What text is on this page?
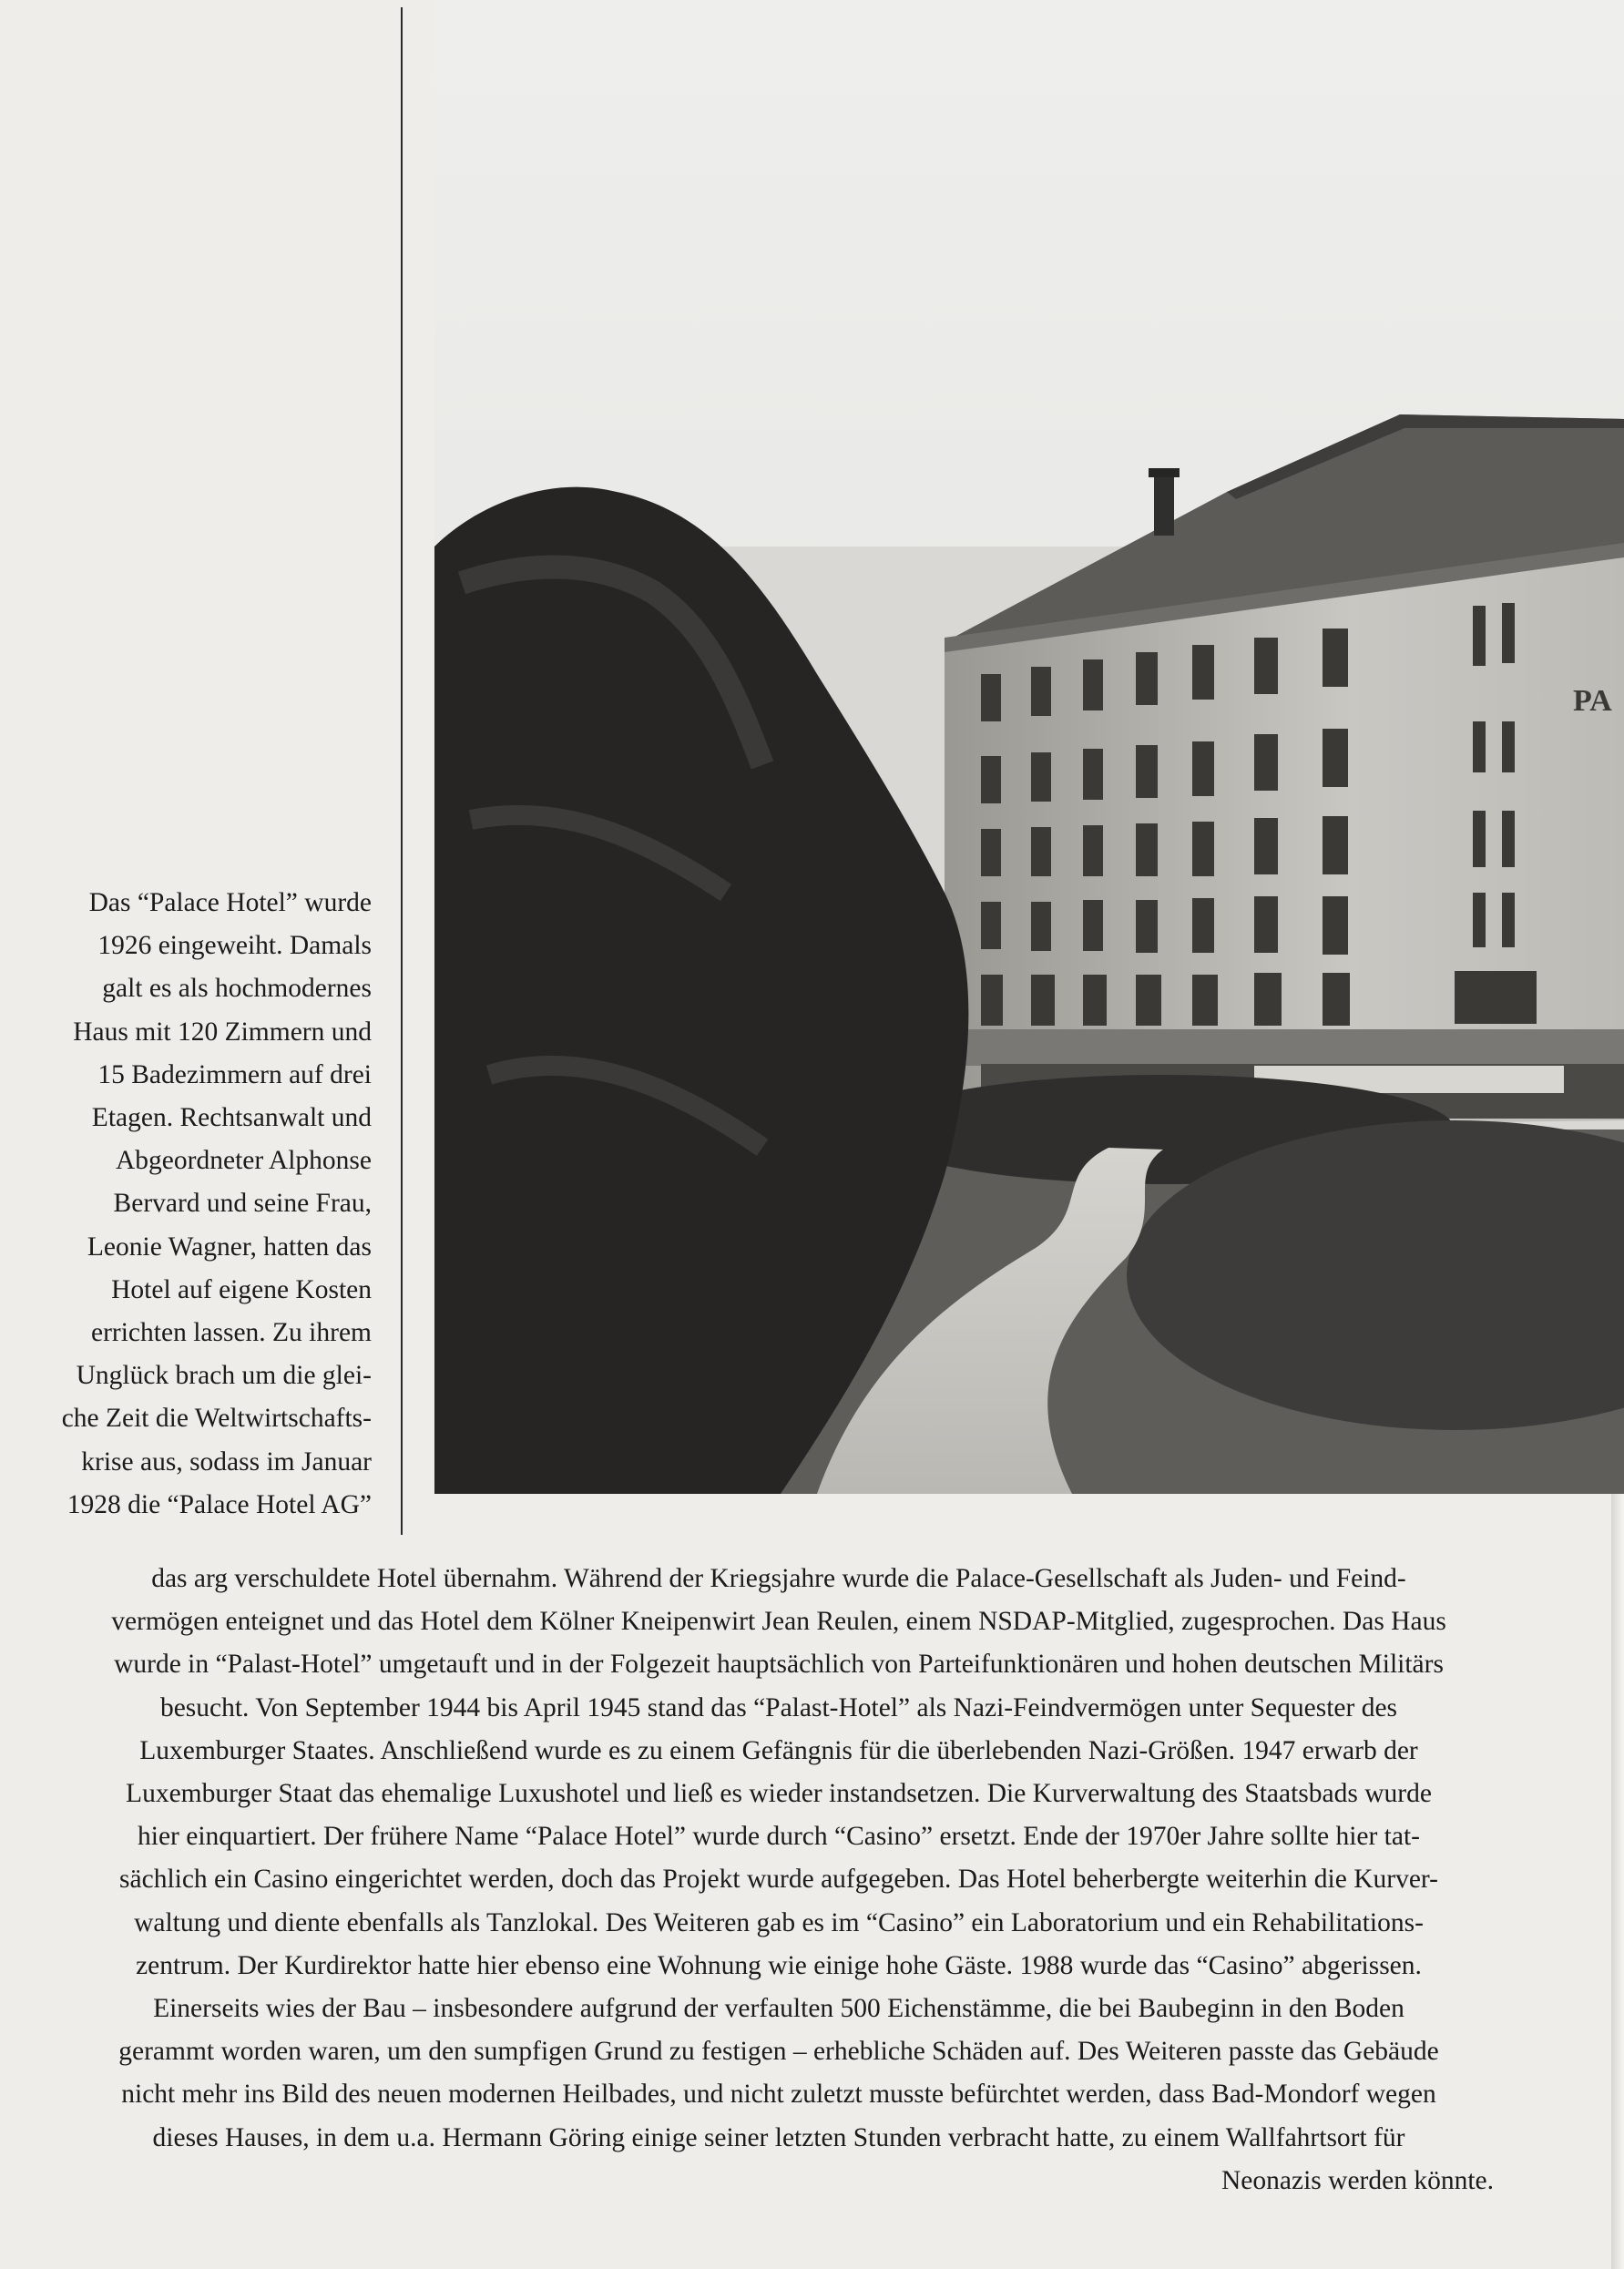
PA
Das “Palace Hotel” wurde
1926 eingeweiht. Damals
galt es als hochmodernes
Haus mit 120 Zimmern und
15 Badezimmern auf drei
Etagen. Rechtsanwalt und
Abgeordneter Alphonse
Bervard und seine Frau,
Leonie Wagner, hatten das
Hotel auf eigene Kosten
errichten lassen. Zu ihrem
Unglück brach um die glei-
che Zeit die Weltwirtschafts-
krise aus, sodass im Januar
1928 die “Palace Hotel AG”
das arg verschuldete Hotel übernahm. Während der Kriegsjahre wurde die Palace-Gesellschaft als Juden- und Feind-
vermögen enteignet und das Hotel dem Kölner Kneipenwirt Jean Reulen, einem NSDAP-Mitglied, zugesprochen. Das Haus
wurde in “Palast-Hotel” umgetauft und in der Folgezeit hauptsächlich von Parteifunktionären und hohen deutschen Militärs
besucht. Von September 1944 bis April 1945 stand das “Palast-Hotel” als Nazi-Feindvermögen unter Sequester des
Luxemburger Staates. Anschließend wurde es zu einem Gefängnis für die überlebenden Nazi-Größen. 1947 erwarb der
Luxemburger Staat das ehemalige Luxushotel und ließ es wieder instandsetzen. Die Kurverwaltung des Staatsbads wurde
hier einquartiert. Der frühere Name “Palace Hotel” wurde durch “Casino” ersetzt. Ende der 1970er Jahre sollte hier tat-
sächlich ein Casino eingerichtet werden, doch das Projekt wurde aufgegeben. Das Hotel beherbergte weiterhin die Kurver-
waltung und diente ebenfalls als Tanzlokal. Des Weiteren gab es im “Casino” ein Laboratorium und ein Rehabilitations-
zentrum. Der Kurdirektor hatte hier ebenso eine Wohnung wie einige hohe Gäste. 1988 wurde das “Casino” abgerissen.
Einerseits wies der Bau – insbesondere aufgrund der verfaulten 500 Eichenstämme, die bei Baubeginn in den Boden
gerammt worden waren, um den sumpfigen Grund zu festigen – erhebliche Schäden auf. Des Weiteren passte das Gebäude
nicht mehr ins Bild des neuen modernen Heilbades, und nicht zuletzt musste befürchtet werden, dass Bad-Mondorf wegen
dieses Hauses, in dem u.a. Hermann Göring einige seiner letzten Stunden verbracht hatte, zu einem Wallfahrtsort für
Neonazis werden könnte.
